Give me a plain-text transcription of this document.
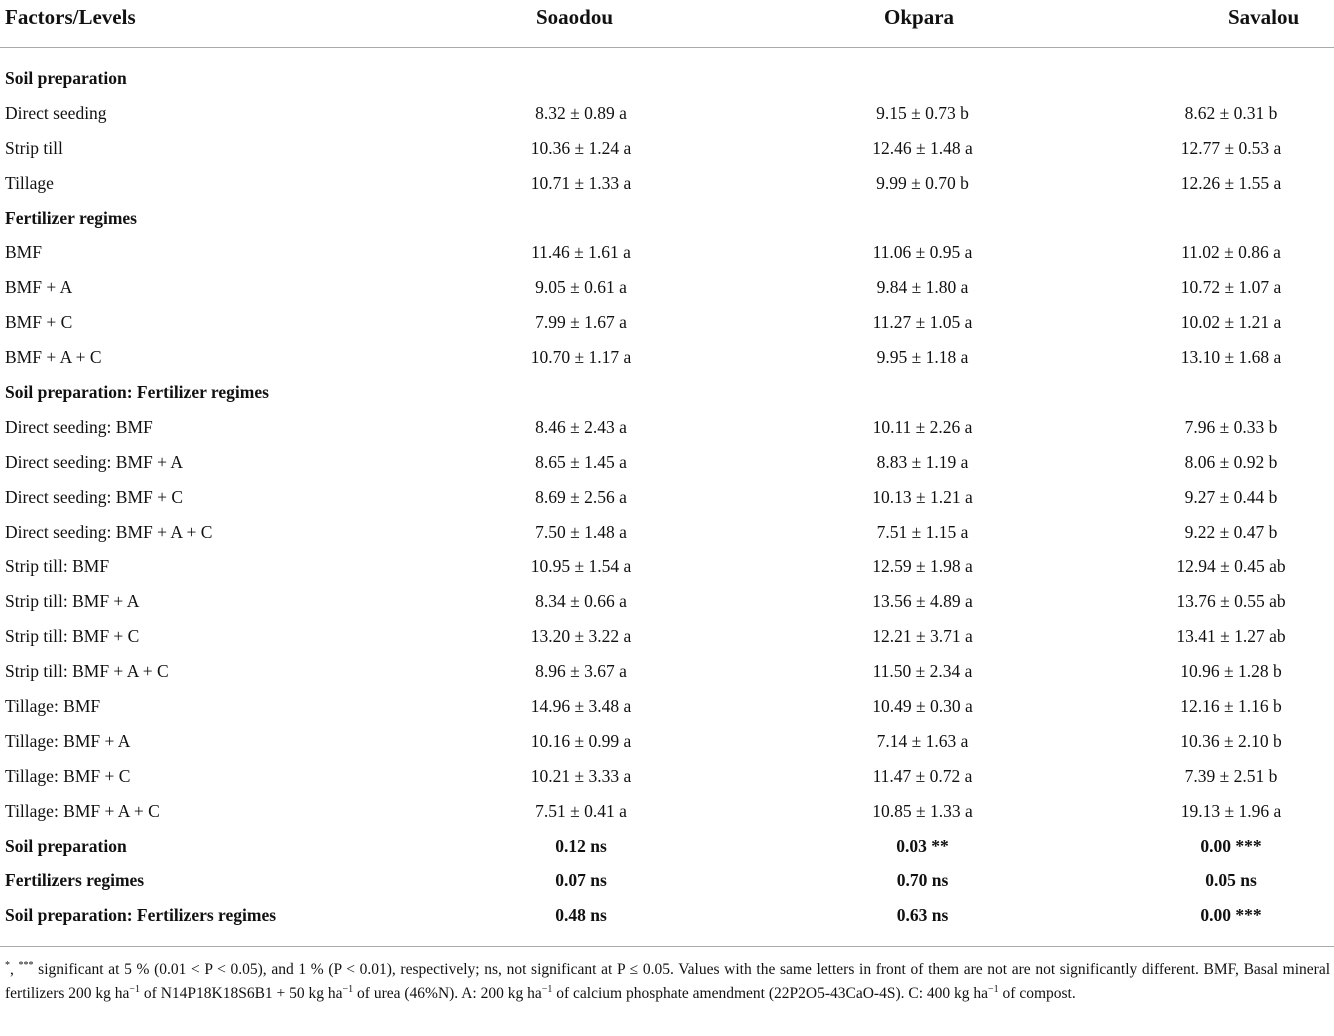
Factors/Levels	Soaodou	Okpara	Savalou
Soil preparation			
Direct seeding	8.32 ± 0.89 a	9.15 ± 0.73 b	8.62 ± 0.31 b
Strip till	10.36 ± 1.24 a	12.46 ± 1.48 a	12.77 ± 0.53 a
Tillage	10.71 ± 1.33 a	9.99 ± 0.70 b	12.26 ± 1.55 a
Fertilizer regimes			
BMF	11.46 ± 1.61 a	11.06 ± 0.95 a	11.02 ± 0.86 a
BMF + A	9.05 ± 0.61 a	9.84 ± 1.80 a	10.72 ± 1.07 a
BMF + C	7.99 ± 1.67 a	11.27 ± 1.05 a	10.02 ± 1.21 a
BMF + A + C	10.70 ± 1.17 a	9.95 ± 1.18 a	13.10 ± 1.68 a
Soil preparation: Fertilizer regimes			
Direct seeding: BMF	8.46 ± 2.43 a	10.11 ± 2.26 a	7.96 ± 0.33 b
Direct seeding: BMF + A	8.65 ± 1.45 a	8.83 ± 1.19 a	8.06 ± 0.92 b
Direct seeding: BMF + C	8.69 ± 2.56 a	10.13 ± 1.21 a	9.27 ± 0.44 b
Direct seeding: BMF + A + C	7.50 ± 1.48 a	7.51 ± 1.15 a	9.22 ± 0.47 b
Strip till: BMF	10.95 ± 1.54 a	12.59 ± 1.98 a	12.94 ± 0.45 ab
Strip till: BMF + A	8.34 ± 0.66 a	13.56 ± 4.89 a	13.76 ± 0.55 ab
Strip till: BMF + C	13.20 ± 3.22 a	12.21 ± 3.71 a	13.41 ± 1.27 ab
Strip till: BMF + A + C	8.96 ± 3.67 a	11.50 ± 2.34 a	10.96 ± 1.28 b
Tillage: BMF	14.96 ± 3.48 a	10.49 ± 0.30 a	12.16 ± 1.16 b
Tillage: BMF + A	10.16 ± 0.99 a	7.14 ± 1.63 a	10.36 ± 2.10 b
Tillage: BMF + C	10.21 ± 3.33 a	11.47 ± 0.72 a	7.39 ± 2.51 b
Tillage: BMF + A + C	7.51 ± 0.41 a	10.85 ± 1.33 a	19.13 ± 1.96 a
Soil preparation	0.12 ns	0.03 **	0.00 ***
Fertilizers regimes	0.07 ns	0.70 ns	0.05 ns
Soil preparation: Fertilizers regimes	0.48 ns	0.63 ns	0.00 ***
*, *** significant at 5 % (0.01 < P < 0.05), and 1 % (P < 0.01), respectively; ns, not significant at P ≤ 0.05. Values with the same letters in front of them are not are not significantly different. BMF, Basal mineral fertilizers 200 kg $ha^{-1}$ of N14P18K18S6B1 + 50 kg $ha^{-1}$ of urea (46%N). A: 200 kg $ha^{-1}$ of calcium phosphate amendment (22P2O5-43CaO-4S). C: 400 kg $ha^{-1}$ of compost.
